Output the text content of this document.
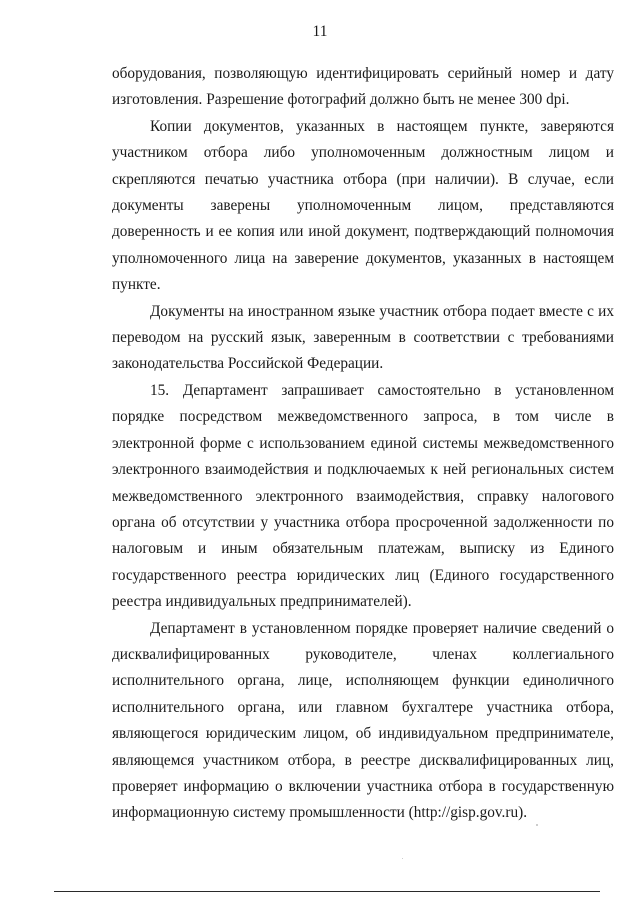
11

оборудования, позволяющую идентифицировать серийный номер и дату изготовления. Разрешение фотографий должно быть не менее 300 dpi.

Копии документов, указанных в настоящем пункте, заверяются участником отбора либо уполномоченным должностным лицом и скрепляются печатью участника отбора (при наличии). В случае, если документы заверены уполномоченным лицом, представляются доверенность и ее копия или иной документ, подтверждающий полномочия уполномоченного лица на заверение документов, указанных в настоящем пункте.

Документы на иностранном языке участник отбора подает вместе с их переводом на русский язык, заверенным в соответствии с требованиями законодательства Российской Федерации.

15. Департамент запрашивает самостоятельно в установленном порядке посредством межведомственного запроса, в том числе в электронной форме с использованием единой системы межведомственного электронного взаимодействия и подключаемых к ней региональных систем межведомственного электронного взаимодействия, справку налогового органа об отсутствии у участника отбора просроченной задолженности по налоговым и иным обязательным платежам, выписку из Единого государственного реестра юридических лиц (Единого государственного реестра индивидуальных предпринимателей).

Департамент в установленном порядке проверяет наличие сведений о дисквалифицированных руководителе, членах коллегиального исполнительного органа, лице, исполняющем функции единоличного исполнительного органа, или главном бухгалтере участника отбора, являющегося юридическим лицом, об индивидуальном предпринимателе, являющемся участником отбора, в реестре дисквалифицированных лиц, проверяет информацию о включении участника отбора в государственную информационную систему промышленности (http://gisp.gov.ru).
